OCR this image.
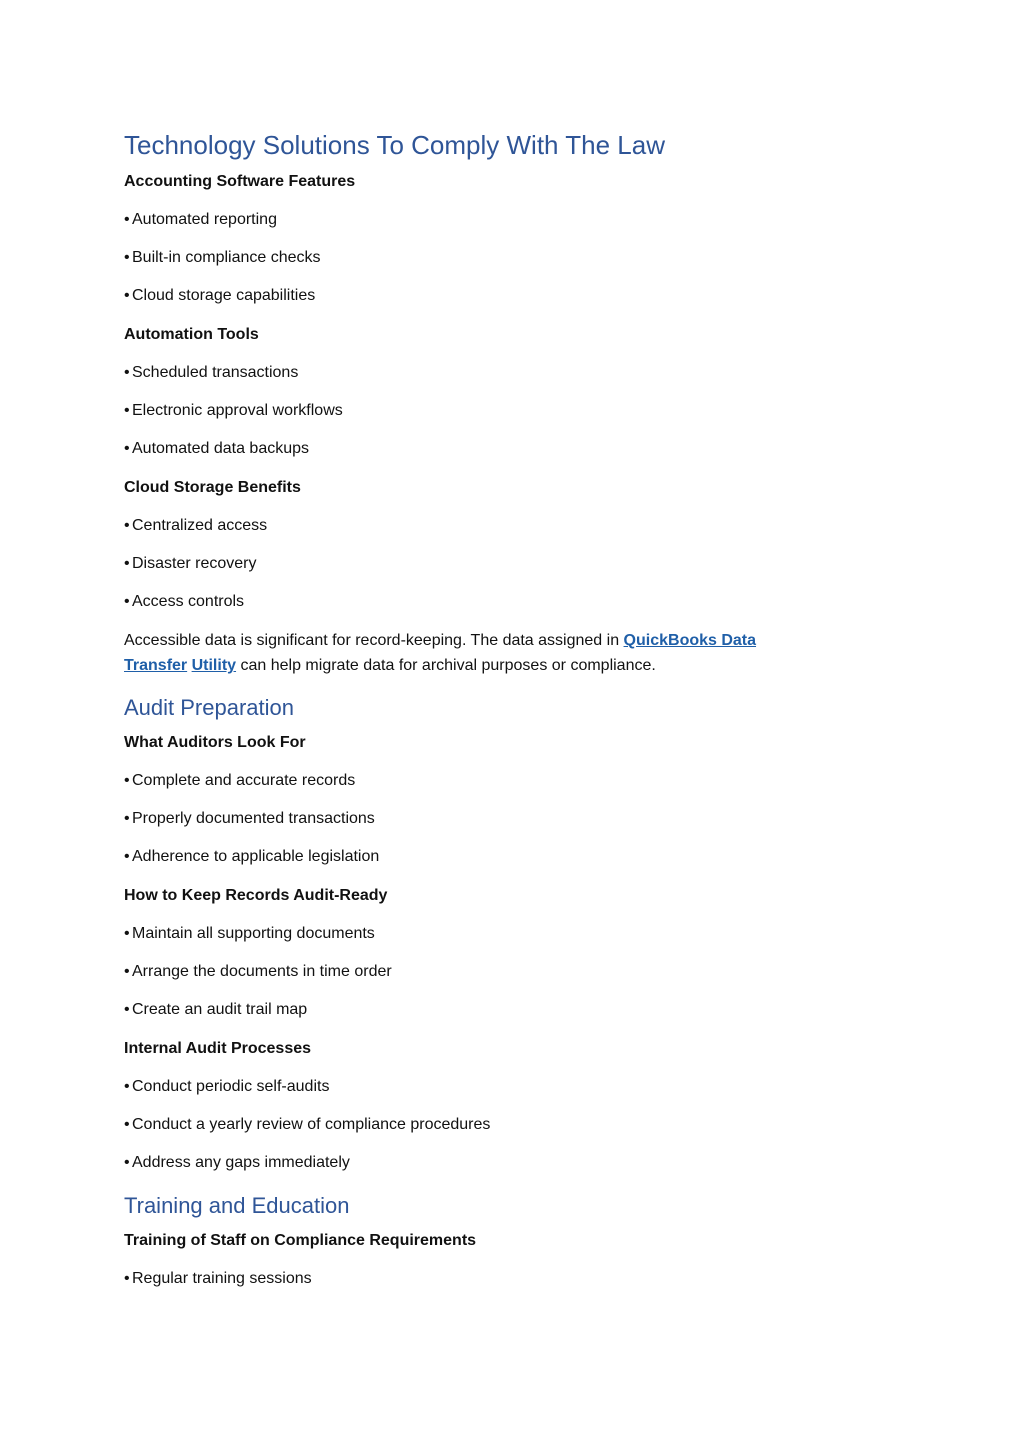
Technology Solutions To Comply With The Law

Accounting Software Features

• Automated reporting

• Built-in compliance checks

• Cloud storage capabilities

Automation Tools

• Scheduled transactions

• Electronic approval workflows

• Automated data backups

Cloud Storage Benefits

• Centralized access

• Disaster recovery

• Access controls

Accessible data is significant for record-keeping. The data assigned in QuickBooks Data
Transfer Utility can help migrate data for archival purposes or compliance.
Audit Preparation

What Auditors Look For

• Complete and accurate records

• Properly documented transactions

• Adherence to applicable legislation

How to Keep Records Audit-Ready

• Maintain all supporting documents

• Arrange the documents in time order

• Create an audit trail map

Internal Audit Processes

• Conduct periodic self-audits

• Conduct a yearly review of compliance procedures

• Address any gaps immediately

Training and Education

Training of Staff on Compliance Requirements

• Regular training sessions
